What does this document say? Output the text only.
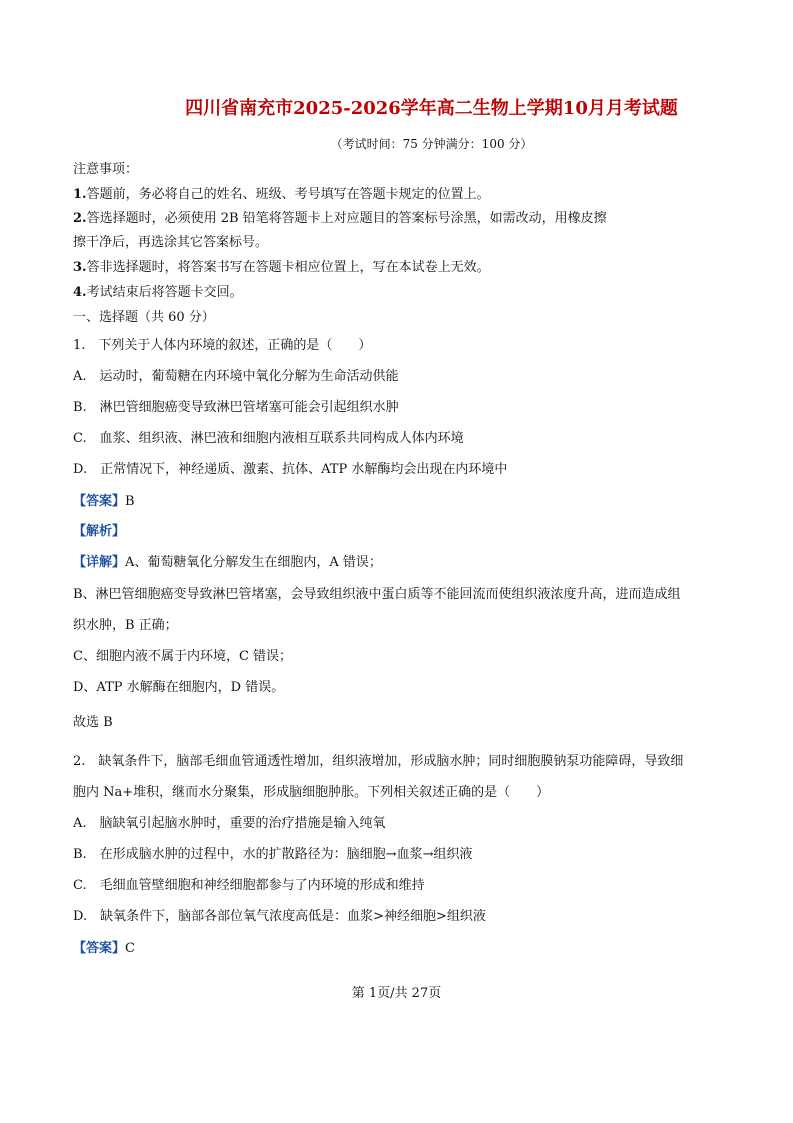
四川省南充市2025-2026学年高二生物上学期10月月考试题
（考试时间：75 分钟满分：100 分）
注意事项：
1.答题前，务必将自己的姓名、班级、考号填写在答题卡规定的位置上。
2.答选择题时，必须使用 2B 铅笔将答题卡上对应题目的答案标号涂黑，如需改动，用橡皮擦
擦干净后，再选涂其它答案标号。
3.答非选择题时，将答案书写在答题卡相应位置上，写在本试卷上无效。
4.考试结束后将答题卡交回。
一、选择题（共 60 分）
1.　下列关于人体内环境的叙述，正确的是（　　）
A.　运动时，葡萄糖在内环境中氧化分解为生命活动供能
B.　淋巴管细胞癌变导致淋巴管堵塞可能会引起组织水肿
C.　血浆、组织液、淋巴液和细胞内液相互联系共同构成人体内环境
D.　正常情况下，神经递质、激素、抗体、ATP 水解酶均会出现在内环境中
【答案】B
【解析】
【详解】A、葡萄糖氧化分解发生在细胞内，A 错误；
B、淋巴管细胞癌变导致淋巴管堵塞，会导致组织液中蛋白质等不能回流而使组织液浓度升高，进而造成组
织水肿，B 正确；
C、细胞内液不属于内环境，C 错误；
D、ATP 水解酶在细胞内，D 错误。
故选 B
2.　缺氧条件下，脑部毛细血管通透性增加，组织液增加，形成脑水肿；同时细胞膜钠泵功能障碍，导致细
胞内 Na+堆积，继而水分聚集，形成脑细胞肿胀。下列相关叙述正确的是（　　）
A.　脑缺氧引起脑水肿时，重要的治疗措施是输入纯氧
B.　在形成脑水肿的过程中，水的扩散路径为：脑细胞→血浆→组织液
C.　毛细血管壁细胞和神经细胞都参与了内环境的形成和维持
D.　缺氧条件下，脑部各部位氧气浓度高低是：血浆>神经细胞>组织液
【答案】C
第 1页/共 27页
